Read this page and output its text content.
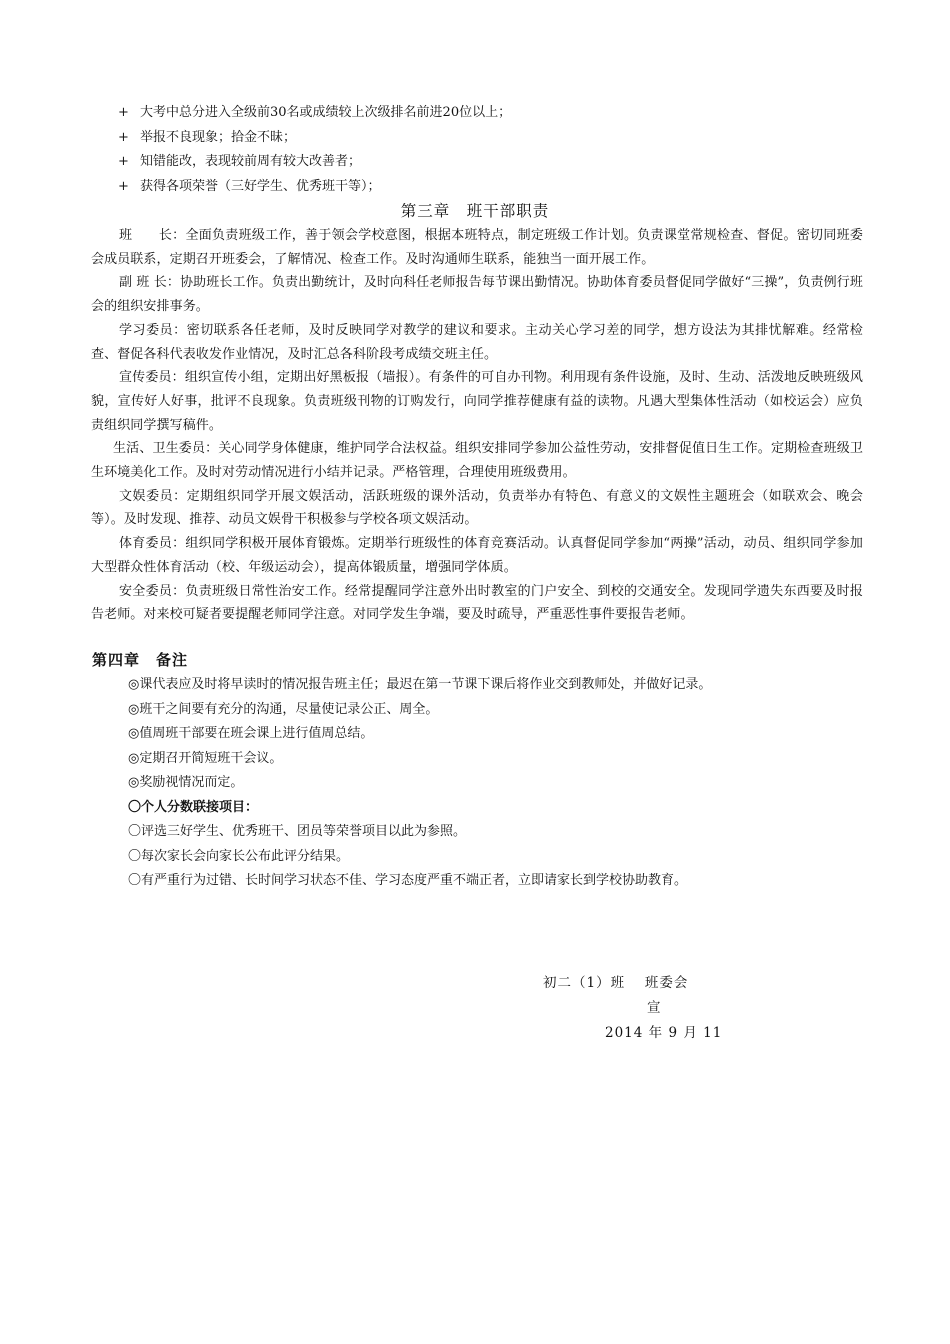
+ 大考中总分进入全级前30名或成绩较上次级排名前进20位以上；
+ 举报不良现象；拾金不昧；
+ 知错能改，表现较前周有较大改善者；
+ 获得各项荣誉（三好学生、优秀班干等）；
第三章　班干部职责

班　　长：全面负责班级工作，善于领会学校意图，根据本班特点，制定班级工作计划。负责课堂常规检查、督促。密切同班委会成员联系，定期召开班委会，了解情况、检查工作。及时沟通师生联系，能独当一面开展工作。

副 班 长：协助班长工作。负责出勤统计，及时向科任老师报告每节课出勤情况。协助体育委员督促同学做好“三操”，负责例行班会的组织安排事务。

学习委员：密切联系各任老师，及时反映同学对教学的建议和要求。主动关心学习差的同学，想方设法为其排忧解难。经常检查、督促各科代表收发作业情况，及时汇总各科阶段考成绩交班主任。

宣传委员：组织宣传小组，定期出好黑板报（墙报）。有条件的可自办刊物。利用现有条件设施，及时、生动、活泼地反映班级风貌，宣传好人好事，批评不良现象。负责班级刊物的订购发行，向同学推荐健康有益的读物。凡遇大型集体性活动（如校运会）应负责组织同学撰写稿件。

生活、卫生委员：关心同学身体健康，维护同学合法权益。组织安排同学参加公益性劳动，安排督促值日生工作。定期检查班级卫生环境美化工作。及时对劳动情况进行小结并记录。严格管理，合理使用班级费用。

文娱委员：定期组织同学开展文娱活动，活跃班级的课外活动，负责举办有特色、有意义的文娱性主题班会（如联欢会、晚会等）。及时发现、推荐、动员文娱骨干积极参与学校各项文娱活动。

体育委员：组织同学积极开展体育锻炼。定期举行班级性的体育竞赛活动。认真督促同学参加“两操”活动，动员、组织同学参加大型群众性体育活动（校、年级运动会），提高体锻质量，增强同学体质。

安全委员：负责班级日常性治安工作。经常提醒同学注意外出时教室的门户安全、到校的交通安全。发现同学遗失东西要及时报告老师。对来校可疑者要提醒老师同学注意。对同学发生争端，要及时疏导，严重恶性事件要报告老师。

第四章　备注
◎课代表应及时将早读时的情况报告班主任；最迟在第一节课下课后将作业交到教师处，并做好记录。
◎班干之间要有充分的沟通，尽量使记录公正、周全。
◎值周班干部要在班会课上进行值周总结。
◎定期召开简短班干会议。
◎奖励视情况而定。
〇个人分数联接项目：
〇评选三好学生、优秀班干、团员等荣誉项目以此为参照。
〇每次家长会向家长公布此评分结果。
〇有严重行为过错、长时间学习状态不佳、学习态度严重不端正者，立即请家长到学校协助教育。
初二（1）班　 班委会
宣
2014 年 9 月 11
